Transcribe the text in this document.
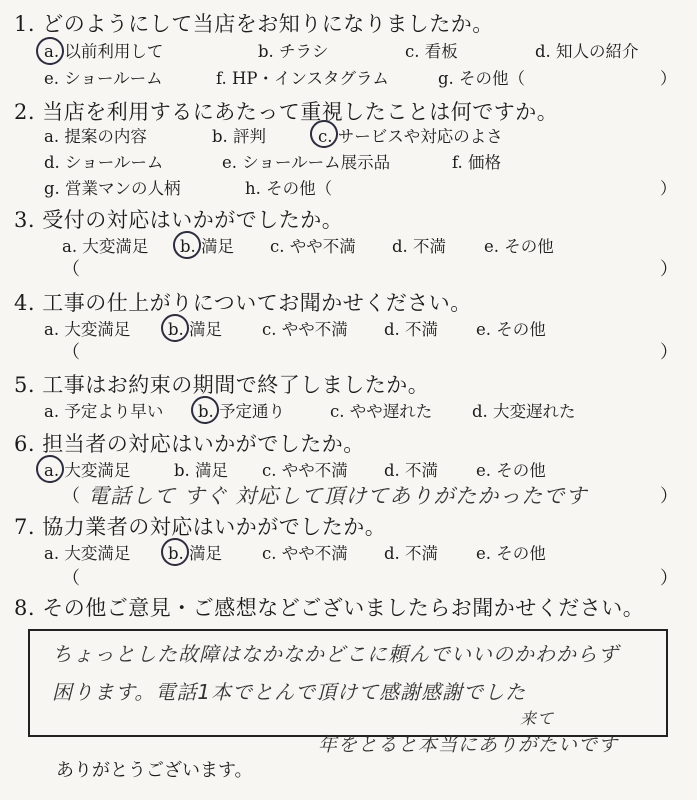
1. どのようにして当店をお知りになりましたか。
a. 以前利用して	b. チラシ	c. 看板	d. 知人の紹介
e. ショールーム	f. HP・インスタグラム	g. その他（	）
2. 当店を利用するにあたって重視したことは何ですか。
a. 提案の内容	b. 評判	c. サービスや対応のよさ
d. ショールーム	e. ショールーム展示品	f. 価格
g. 営業マンの人柄	h. その他（	）
3. 受付の対応はいかがでしたか。
a. 大変満足 b. 満足 c. やや不満 d. 不満 e. その他
（	）
4. 工事の仕上がりについてお聞かせください。
a. 大変満足 b. 満足 c. やや不満 d. 不満 e. その他
（	）
5. 工事はお約束の期間で終了しましたか。
a. 予定より早い b. 予定通り	c. やや遅れた d. 大変遅れた
6. 担当者の対応はいかがでしたか。
a. 大変満足	b. 満足 c. やや不満 d. 不満 e. その他
（ 電話して すぐ 対応して頂けてありがたかったです	）
7. 協力業者の対応はいかがでしたか。
a. 大変満足 b. 満足 c. やや不満 d. 不満 e. その他
（	）
8. その他ご意見・ご感想などございましたらお聞かせください。
ちょっとした故障はなかなかどこに頼んでいいのかわからず
困ります。電話1本でとんで頂けて感謝感謝でした
来て
年をとると本当にありがたいです
ありがとうございます。
